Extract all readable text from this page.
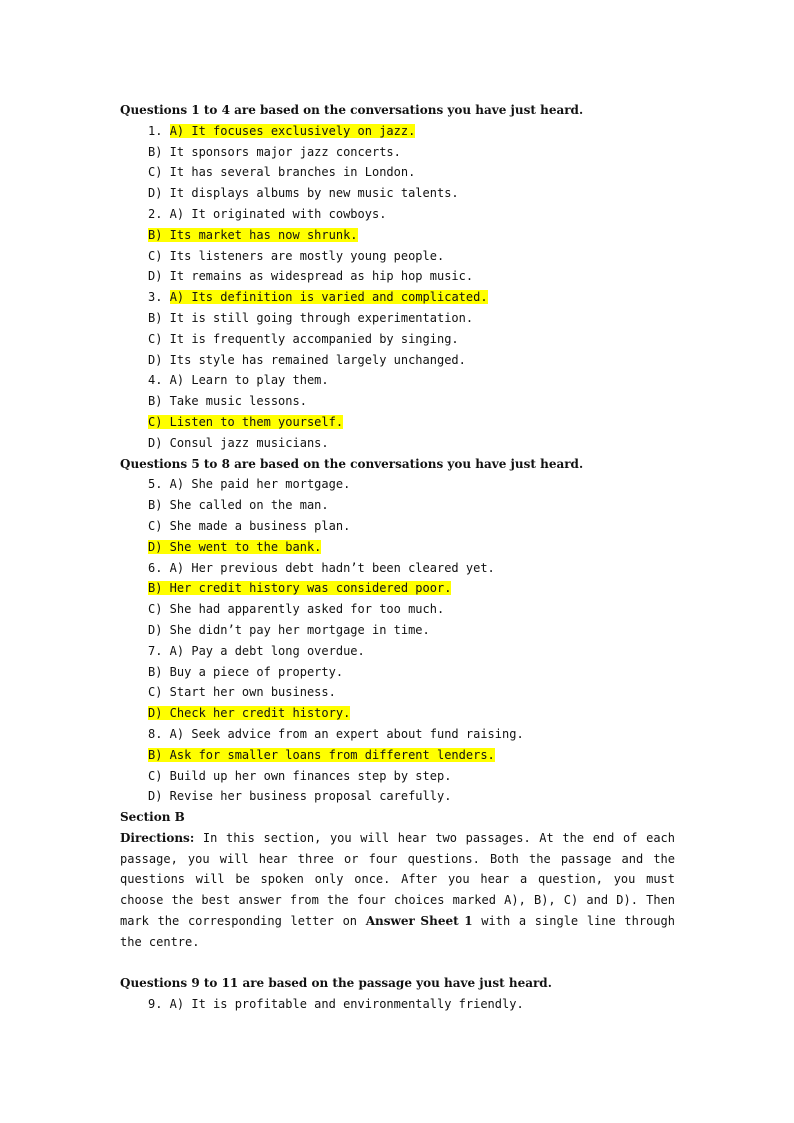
Questions 1 to 4 are based on the conversations you have just heard.
1. A) It focuses exclusively on jazz.
B) It sponsors major jazz concerts.
C) It has several branches in London.
D) It displays albums by new music talents.
2. A) It originated with cowboys.
B) Its market has now shrunk.
C) Its listeners are mostly young people.
D) It remains as widespread as hip hop music.
3. A) Its definition is varied and complicated.
B) It is still going through experimentation.
C) It is frequently accompanied by singing.
D) Its style has remained largely unchanged.
4. A) Learn to play them.
B) Take music lessons.
C) Listen to them yourself.
D) Consul jazz musicians.
Questions 5 to 8 are based on the conversations you have just heard.
5. A) She paid her mortgage.
B) She called on the man.
C) She made a business plan.
D) She went to the bank.
6. A) Her previous debt hadn’t been cleared yet.
B) Her credit history was considered poor.
C) She had apparently asked for too much.
D) She didn’t pay her mortgage in time.
7. A) Pay a debt long overdue.
B) Buy a piece of property.
C) Start her own business.
D) Check her credit history.
8. A) Seek advice from an expert about fund raising.
B) Ask for smaller loans from different lenders.
C) Build up her own finances step by step.
D) Revise her business proposal carefully.
Section B
Directions: In this section, you will hear two passages. At the end of each passage, you will hear three or four questions. Both the passage and the questions will be spoken only once. After you hear a question, you must choose the best answer from the four choices marked A), B), C) and D). Then mark the corresponding letter on Answer Sheet 1 with a single line through the centre.
Questions 9 to 11 are based on the passage you have just heard.
9. A) It is profitable and environmentally friendly.
